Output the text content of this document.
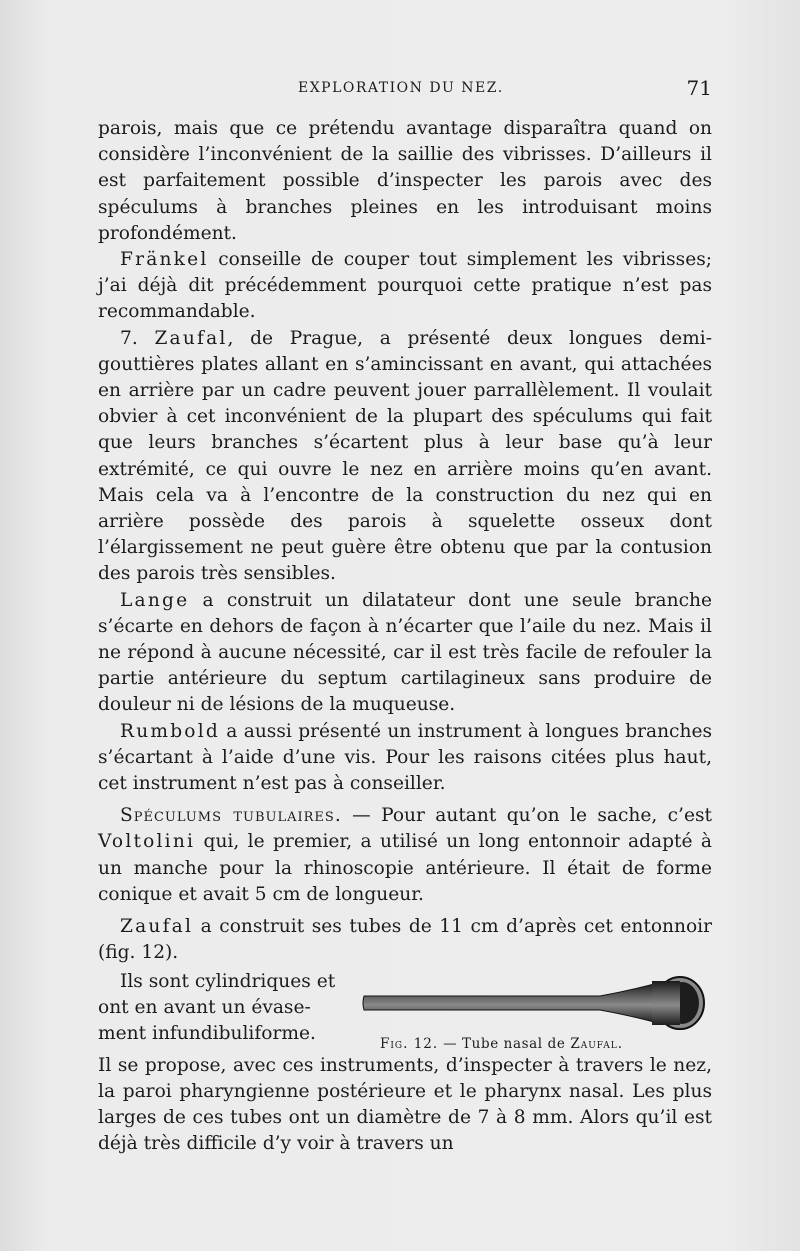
EXPLORATION DU NEZ.	71

parois, mais que ce prétendu avantage disparaîtra quand on considère l’inconvénient de la saillie des vibrisses. D’ailleurs il est parfaitement possible d’inspecter les parois avec des spéculums à branches pleines en les introduisant moins profondément.

Fränkel conseille de couper tout simplement les vibrisses; j’ai déjà dit précédemment pourquoi cette pratique n’est pas recommandable.

7. Zaufal, de Prague, a présenté deux longues demi-gouttières plates allant en s’amincissant en avant, qui attachées en arrière par un cadre peuvent jouer parrallèlement. Il voulait obvier à cet inconvénient de la plupart des spéculums qui fait que leurs branches s’écartent plus à leur base qu’à leur extrémité, ce qui ouvre le nez en arrière moins qu’en avant. Mais cela va à l’encontre de la construction du nez qui en arrière possède des parois à squelette osseux dont l’élargissement ne peut guère être obtenu que par la contusion des parois très sensibles.

Lange a construit un dilatateur dont une seule branche s’écarte en dehors de façon à n’écarter que l’aile du nez. Mais il ne répond à aucune nécessité, car il est très facile de refouler la partie antérieure du septum cartilagineux sans produire de douleur ni de lésions de la muqueuse.

Rumbold a aussi présenté un instrument à longues branches s’écartant à l’aide d’une vis. Pour les raisons citées plus haut, cet instrument n’est pas à conseiller.

Spéculums tubulaires. — Pour autant qu’on le sache, c’est Voltolini qui, le premier, a utilisé un long entonnoir adapté à un manche pour la rhinoscopie antérieure. Il était de forme conique et avait 5 cm de longueur.

Zaufal a construit ses tubes de 11 cm d’après cet entonnoir (fig. 12).

Ils sont cylindriques et
ont en avant un évase-
ment infundibuliforme.	Fig. 12. — Tube nasal de Zaufal.

Il se propose, avec ces instruments, d’inspecter à travers le nez, la paroi pharyngienne postérieure et le pharynx nasal. Les plus larges de ces tubes ont un diamètre de 7 à 8 mm. Alors qu’il est déjà très difficile d’y voir à travers un
